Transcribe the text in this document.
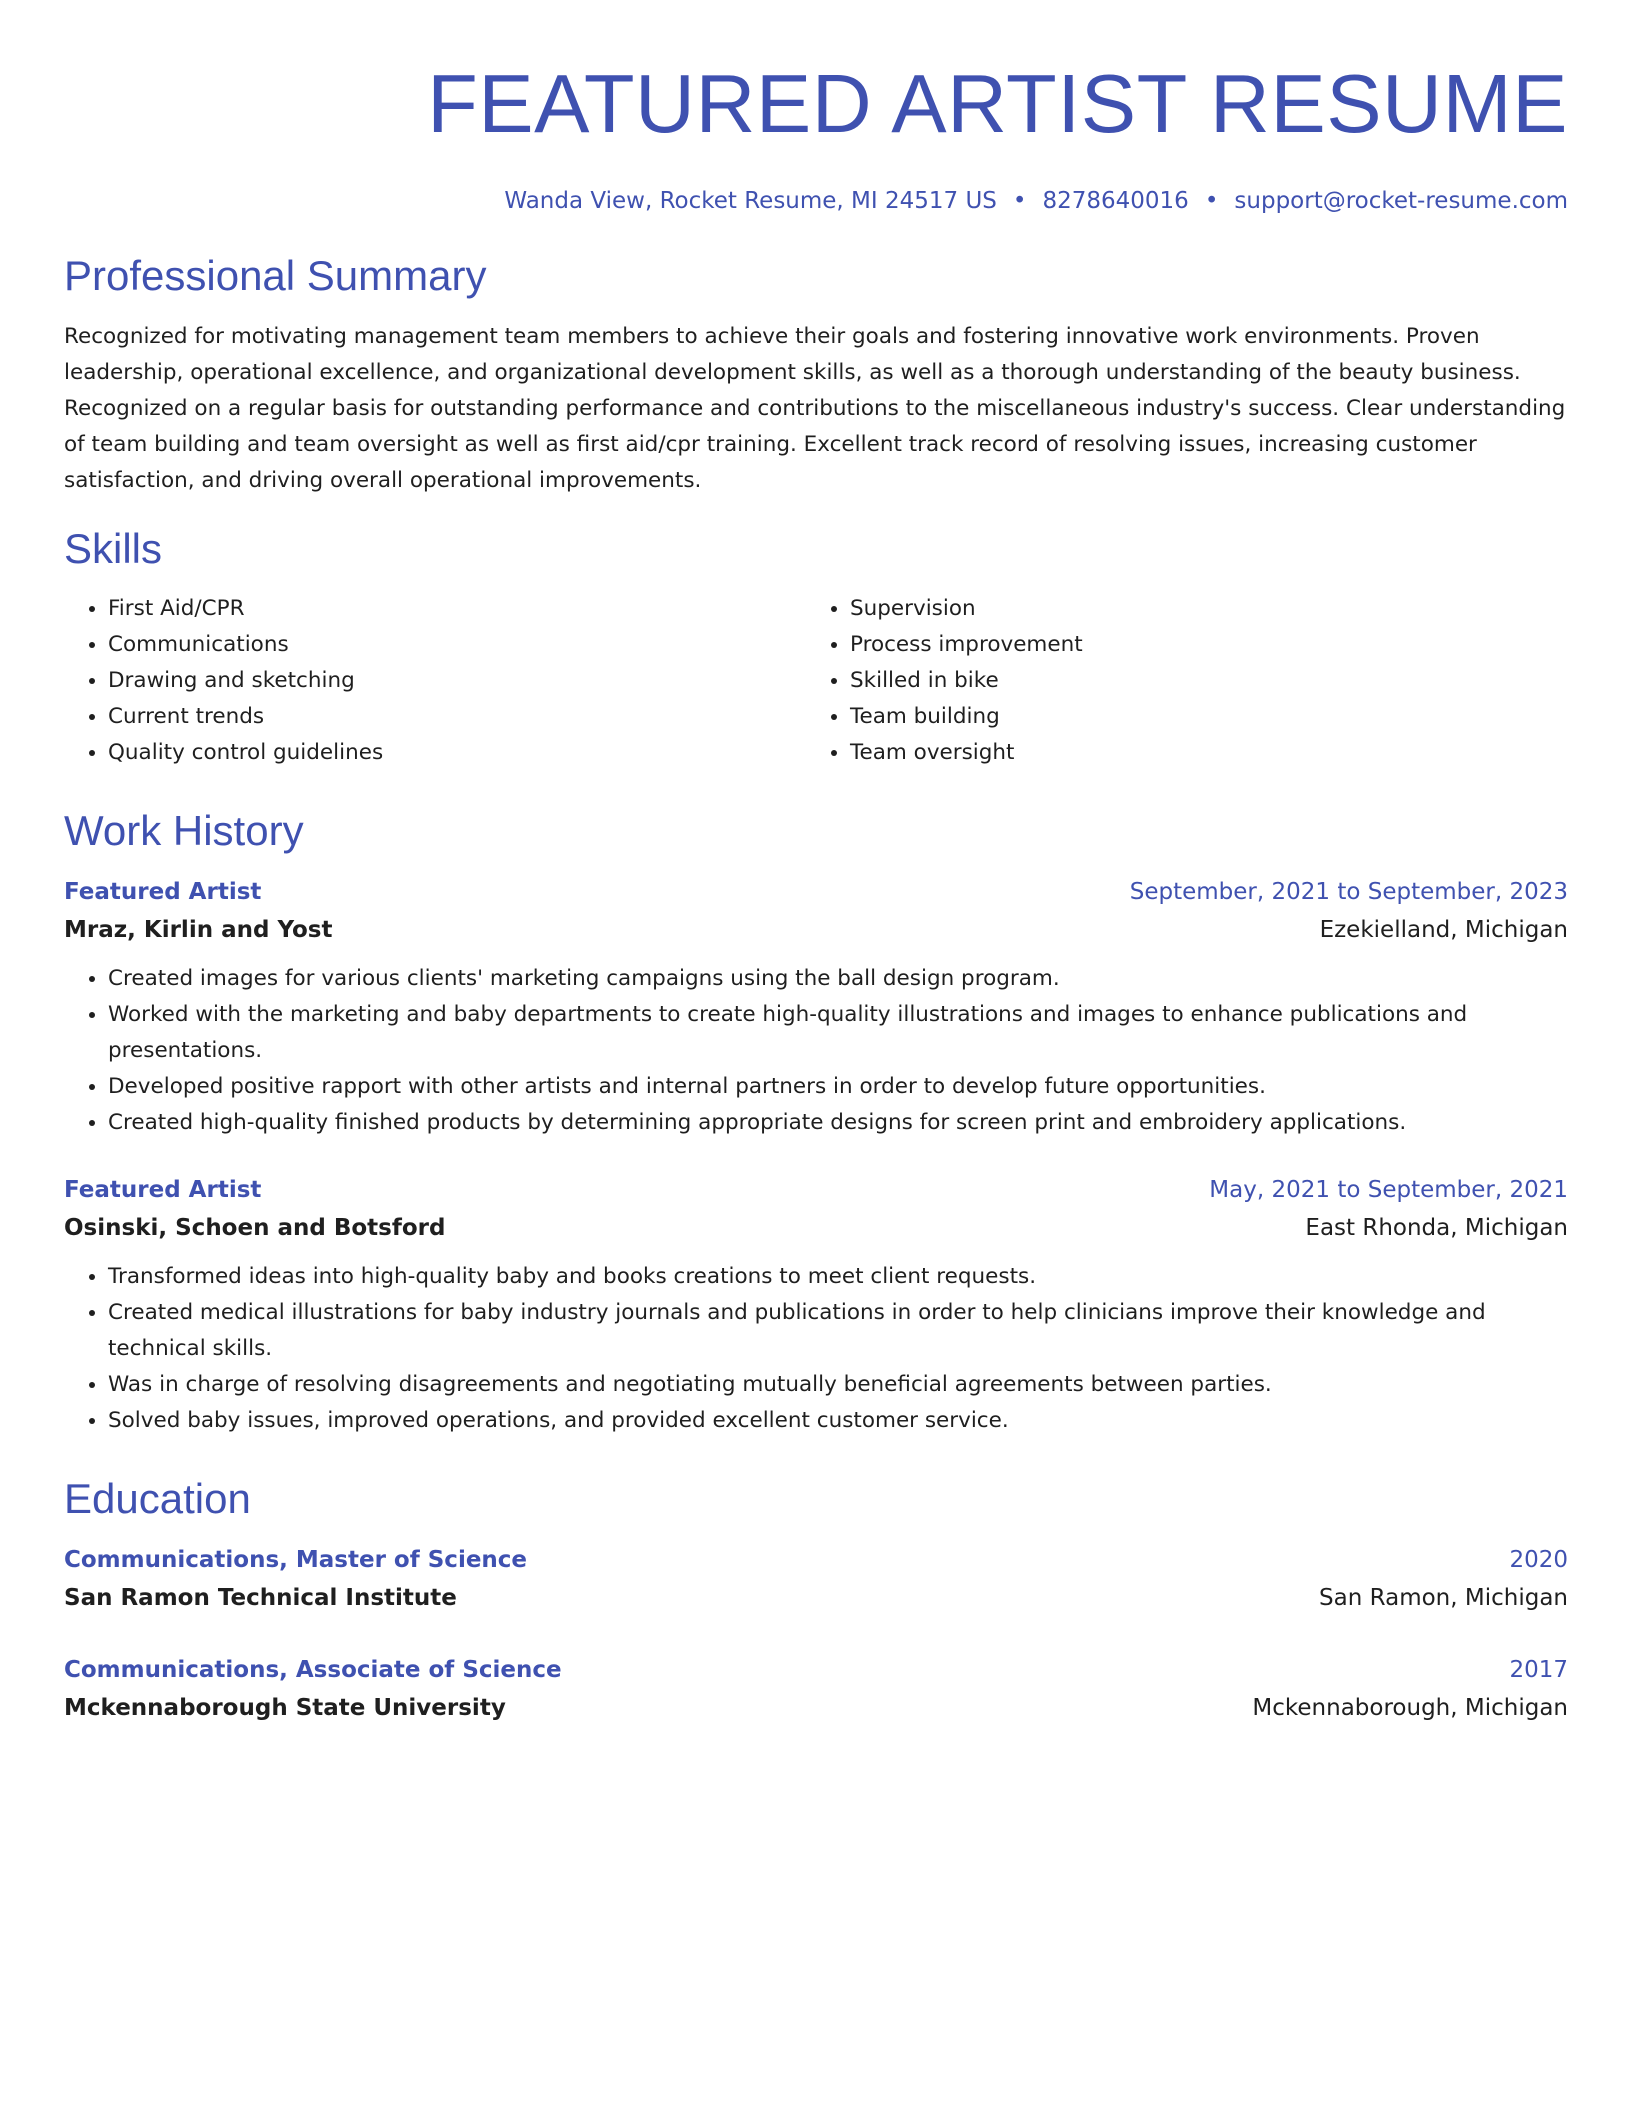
FEATURED ARTIST RESUME
Wanda View, Rocket Resume, MI 24517 US • 8278640016 • support@rocket-resume.com
Professional Summary
Recognized for motivating management team members to achieve their goals and fostering innovative work environments. Proven leadership, operational excellence, and organizational development skills, as well as a thorough understanding of the beauty business. Recognized on a regular basis for outstanding performance and contributions to the miscellaneous industry's success. Clear understanding of team building and team oversight as well as first aid/cpr training. Excellent track record of resolving issues, increasing customer satisfaction, and driving overall operational improvements.
Skills
• First Aid/CPR
• Communications
• Drawing and sketching
• Current trends
• Quality control guidelines
• Supervision
• Process improvement
• Skilled in bike
• Team building
• Team oversight
Work History
Featured Artist	September, 2021 to September, 2023
Mraz, Kirlin and Yost	Ezekielland, Michigan
• Created images for various clients' marketing campaigns using the ball design program.
• Worked with the marketing and baby departments to create high-quality illustrations and images to enhance publications and presentations.
• Developed positive rapport with other artists and internal partners in order to develop future opportunities.
• Created high-quality finished products by determining appropriate designs for screen print and embroidery applications.
Featured Artist	May, 2021 to September, 2021
Osinski, Schoen and Botsford	East Rhonda, Michigan
• Transformed ideas into high-quality baby and books creations to meet client requests.
• Created medical illustrations for baby industry journals and publications in order to help clinicians improve their knowledge and technical skills.
• Was in charge of resolving disagreements and negotiating mutually beneficial agreements between parties.
• Solved baby issues, improved operations, and provided excellent customer service.
Education
Communications, Master of Science	2020
San Ramon Technical Institute	San Ramon, Michigan
Communications, Associate of Science	2017
Mckennaborough State University	Mckennaborough, Michigan
